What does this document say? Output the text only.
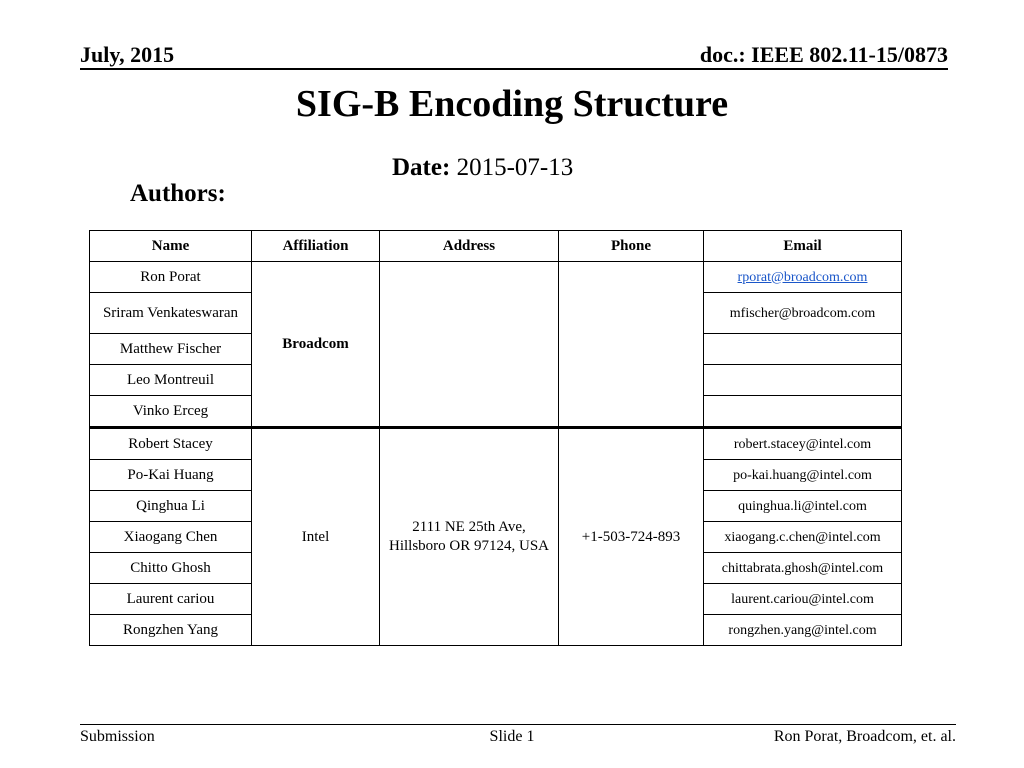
July, 2015	doc.: IEEE 802.11-15/0873
SIG-B Encoding Structure
Date: 2015-07-13
Authors:
Name	Affiliation	Address	Phone	Email
Ron Porat	Broadcom			rporat@broadcom.com
Sriram Venkateswaran				mfischer@broadcom.com
Matthew Fischer				
Leo Montreuil				
Vinko Erceg				
Robert Stacey	Intel	2111 NE 25th Ave, Hillsboro OR 97124, USA	+1-503-724-893	robert.stacey@intel.com
Po-Kai Huang				po-kai.huang@intel.com
Qinghua Li				quinghua.li@intel.com
Xiaogang Chen				xiaogang.c.chen@intel.com
Chitto Ghosh				chittabrata.ghosh@intel.com
Laurent cariou				laurent.cariou@intel.com
Rongzhen Yang				rongzhen.yang@intel.com
Submission	Slide 1	Ron Porat, Broadcom, et. al.
